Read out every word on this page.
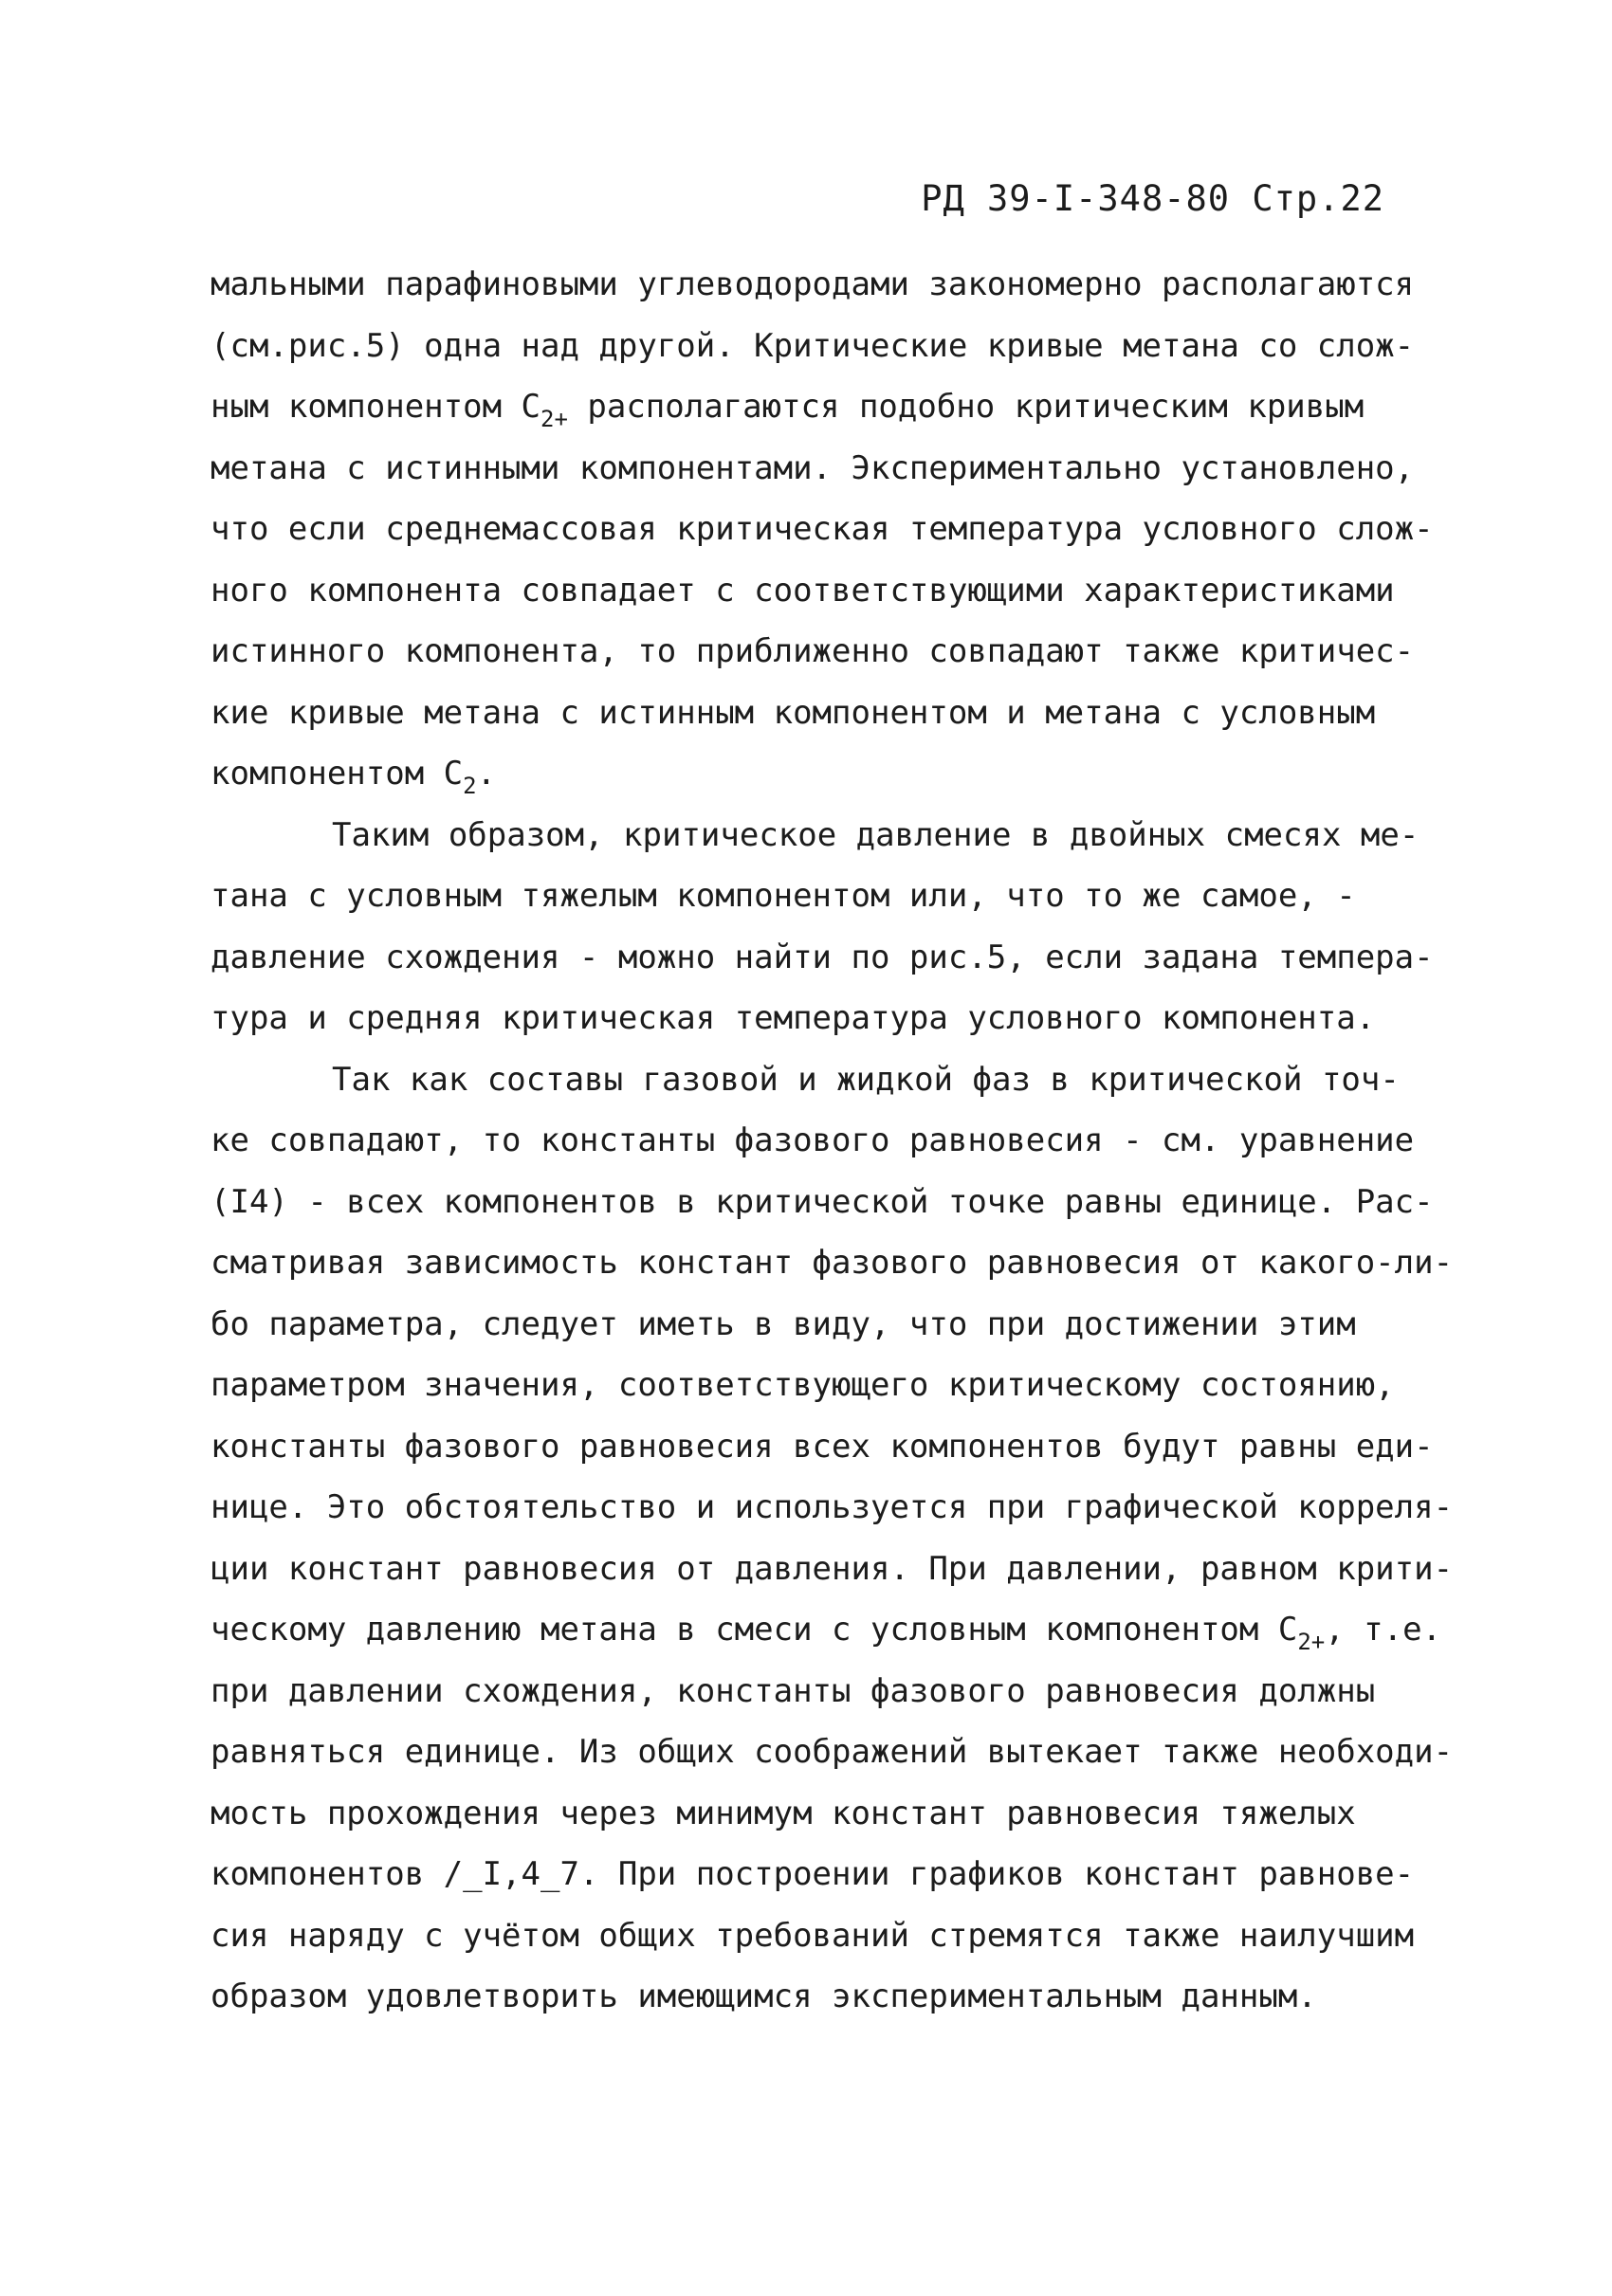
РД 39-I-348-80 Стр.22
мальными парафиновыми углеводородами закономерно располагаются
(см.рис.5) одна над другой. Критические кривые метана со слож-
ным компонентом $С_{2+}$ располагаются подобно критическим кривым
метана с истинными компонентами. Экспериментально установлено,
что если среднемассовая критическая температура условного слож-
ного компонента совпадает с соответствующими характеристиками
истинного компонента, то приближенно совпадают также критичес-
кие кривые метана с истинным компонентом и метана с условным
компонентом $С_2$.
Таким образом, критическое давление в двойных смесях ме-
тана с условным тяжелым компонентом или, что то же самое, -
давление схождения - можно найти по рис.5, если задана темпера-
тура и средняя критическая температура условного компонента.
Так как составы газовой и жидкой фаз в критической точ-
ке совпадают, то константы фазового равновесия - см. уравнение
(I4) - всех компонентов в критической точке равны единице. Рас-
сматривая зависимость констант фазового равновесия от какого-ли-
бо параметра, следует иметь в виду, что при достижении этим
параметром значения, соответствующего критическому состоянию,
константы фазового равновесия всех компонентов будут равны еди-
нице. Это обстоятельство и используется при графической корреля-
ции констант равновесия от давления. При давлении, равном крити-
ческому давлению метана в смеси с условным компонентом $С_{2+}$, т.е.
при давлении схождения, константы фазового равновесия должны
равняться единице. Из общих соображений вытекает также необходи-
мость прохождения через минимум констант равновесия тяжелых
компонентов /_I,4_7. При построении графиков констант равнове-
сия наряду с учётом общих требований стремятся также наилучшим
образом удовлетворить имеющимся экспериментальным данным.
